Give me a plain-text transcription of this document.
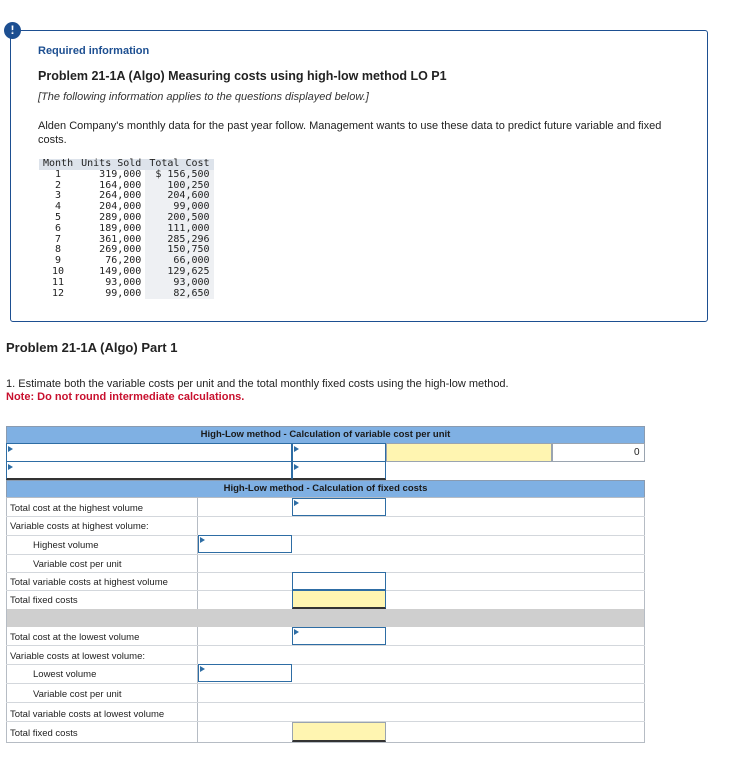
!
Required information
Problem 21-1A (Algo) Measuring costs using high-low method LO P1
[The following information applies to the questions displayed below.]
Alden Company's monthly data for the past year follow. Management wants to use these data to predict future variable and fixed costs.
Month	Units Sold	Total Cost
1	319,000	$ 156,500
2	164,000	100,250
3	264,000	204,600
4	204,000	99,000
5	289,000	200,500
6	189,000	111,000
7	361,000	285,296
8	269,000	150,750
9	76,200	66,000
10	149,000	129,625
11	93,000	93,000
12	99,000	82,650
Problem 21-1A (Algo) Part 1
1. Estimate both the variable costs per unit and the total monthly fixed costs using the high-low method.
Note: Do not round intermediate calculations.
High-Low method - Calculation of variable cost per unit
0
High-Low method - Calculation of fixed costs
Total cost at the highest volume
Variable costs at highest volume:
Highest volume
Variable cost per unit
Total variable costs at highest volume
Total fixed costs
Total cost at the lowest volume
Variable costs at lowest volume:
Lowest volume
Variable cost per unit
Total variable costs at lowest volume
Total fixed costs
